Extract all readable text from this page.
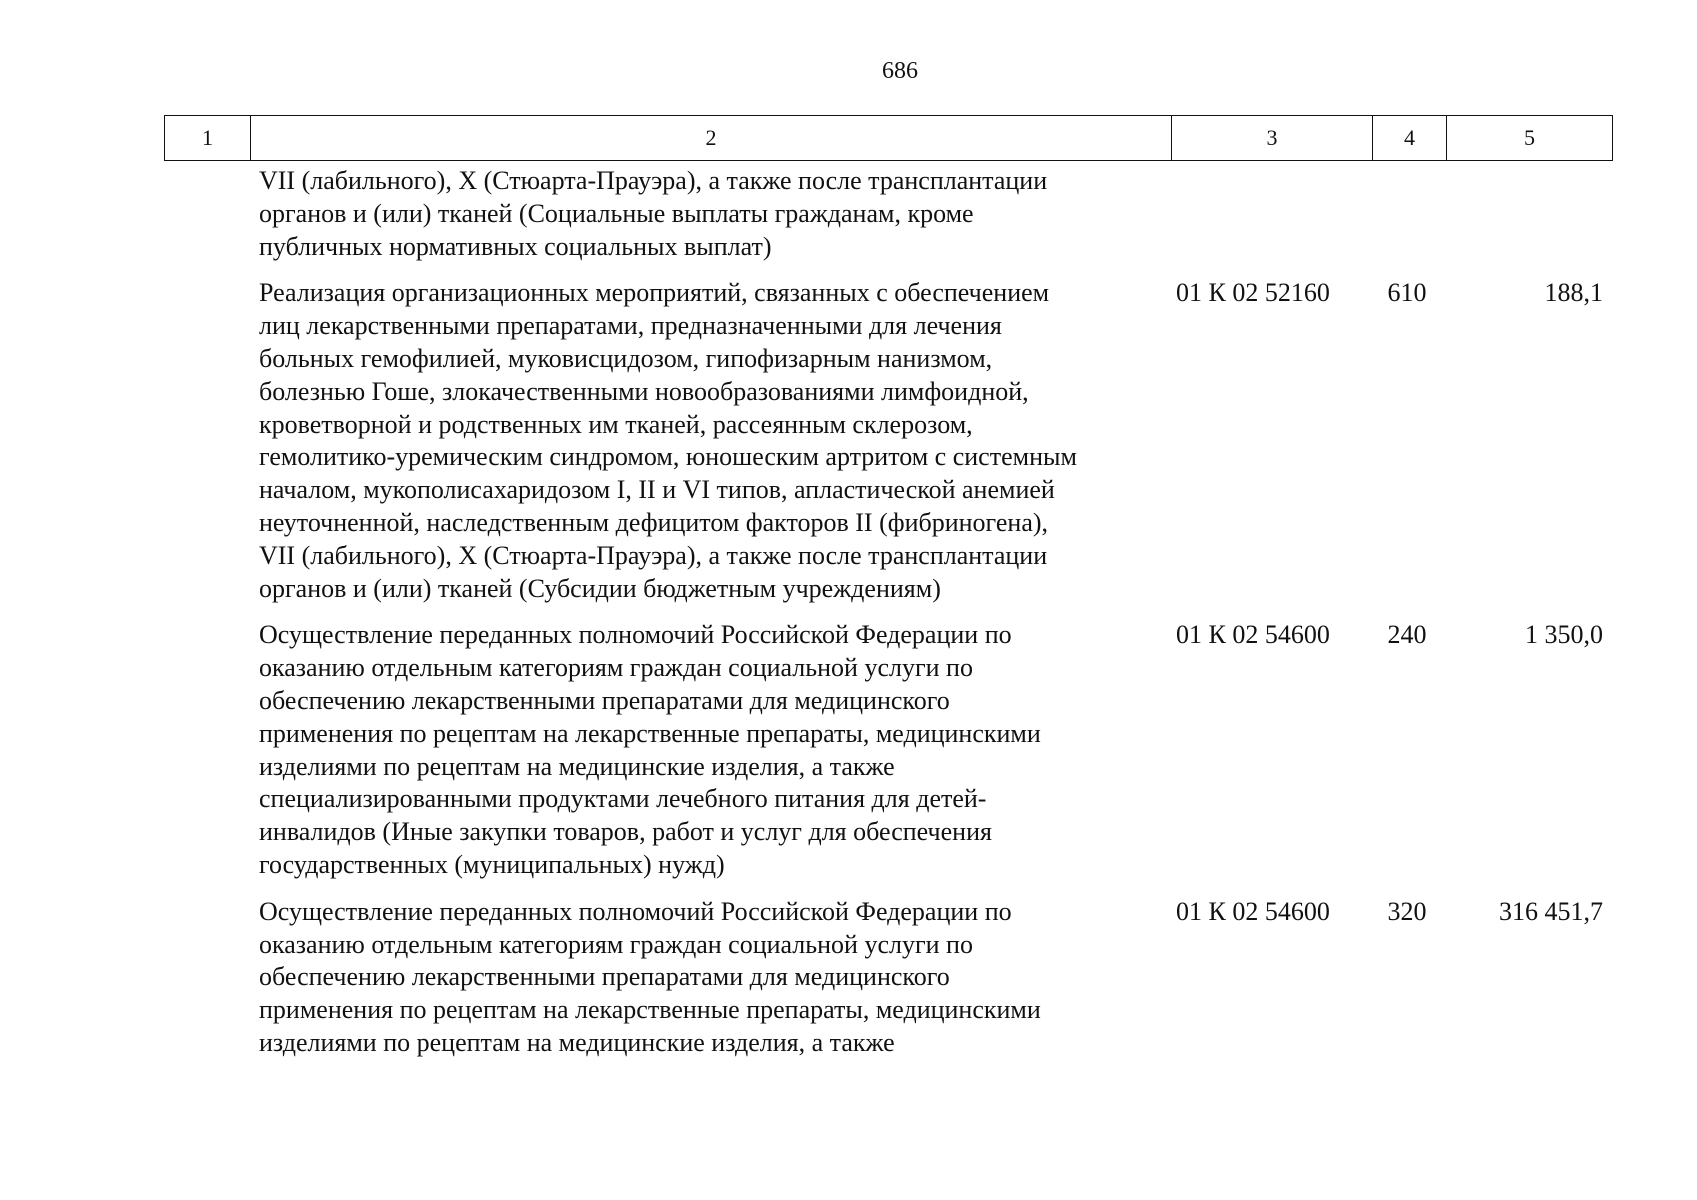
686
1	2	3	4	5
VII (лабильного), X (Стюарта-Прауэра), а также после трансплантации
органов и (или) тканей (Социальные выплаты гражданам, кроме
публичных нормативных социальных выплат)
Реализация организационных мероприятий, связанных с обеспечением
лиц лекарственными препаратами, предназначенными для лечения
больных гемофилией, муковисцидозом, гипофизарным нанизмом,
болезнью Гоше, злокачественными новообразованиями лимфоидной,
кроветворной и родственных им тканей, рассеянным склерозом,
гемолитико-уремическим синдромом, юношеским артритом с системным
началом, мукополисахаридозом I, II и VI типов, апластической анемией
неуточненной, наследственным дефицитом факторов II (фибриногена),
VII (лабильного), X (Стюарта-Прауэра), а также после трансплантации
органов и (или) тканей (Субсидии бюджетным учреждениям)
01 К 02 52160	610	188,1
Осуществление переданных полномочий Российской Федерации по
оказанию отдельным категориям граждан социальной услуги по
обеспечению лекарственными препаратами для медицинского
применения по рецептам на лекарственные препараты, медицинскими
изделиями по рецептам на медицинские изделия, а также
специализированными продуктами лечебного питания для детей-
инвалидов (Иные закупки товаров, работ и услуг для обеспечения
государственных (муниципальных) нужд)
01 К 02 54600	240	1 350,0
Осуществление переданных полномочий Российской Федерации по
оказанию отдельным категориям граждан социальной услуги по
обеспечению лекарственными препаратами для медицинского
применения по рецептам на лекарственные препараты, медицинскими
изделиями по рецептам на медицинские изделия, а также
01 К 02 54600	320	316 451,7
